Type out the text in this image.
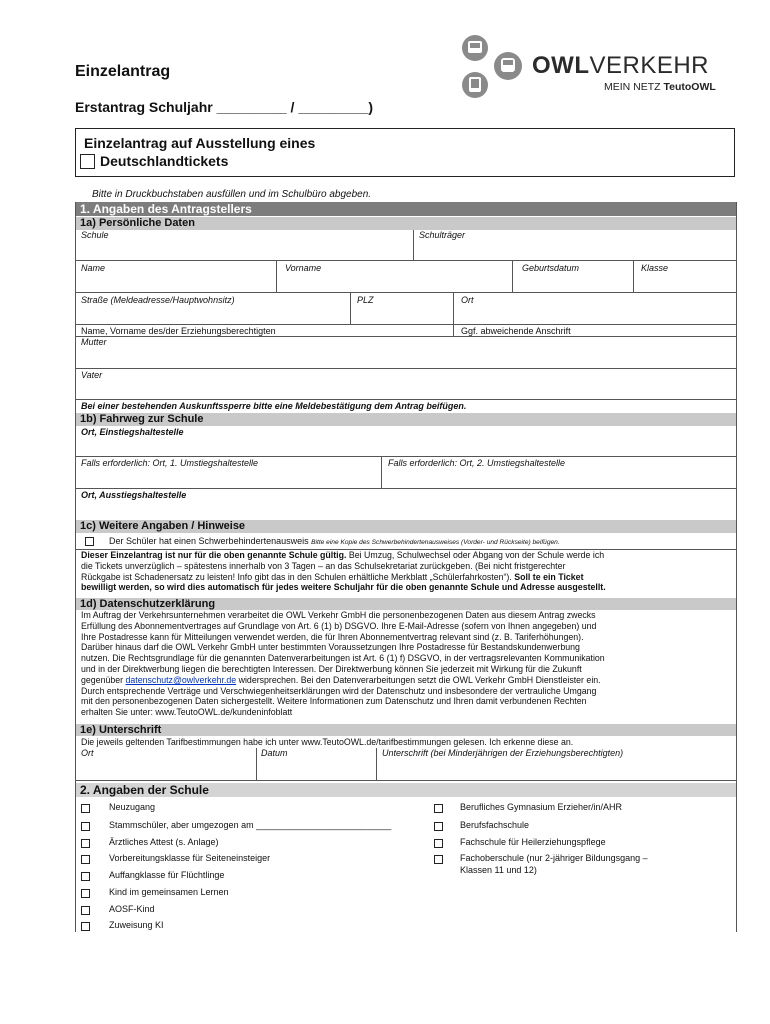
Einzelantrag
Erstantrag Schuljahr _________ / _________)
OWLVERKEHR
MEIN NETZ TeutoOWL
Einzelantrag auf Ausstellung eines
Deutschlandtickets
Bitte in Druckbuchstaben ausfüllen und im Schulbüro abgeben.
1. Angaben des Antragstellers
1a) Persönliche Daten
Schule	Schulträger
Name	Vorname	Geburtsdatum	Klasse
Straße (Meldeadresse/Hauptwohnsitz)	PLZ	Ort
Name, Vorname des/der Erziehungsberechtigten	Ggf. abweichende Anschrift
Mutter
Vater
Bei einer bestehenden Auskunftssperre bitte eine Meldebestätigung dem Antrag beifügen.
1b) Fahrweg zur Schule
Ort, Einstiegshaltestelle
Falls erforderlich: Ort, 1. Umstiegshaltestelle	Falls erforderlich: Ort, 2. Umstiegshaltestelle
Ort, Ausstiegshaltestelle
1c) Weitere Angaben / Hinweise
Der Schüler hat einen Schwerbehindertenausweis Bitte eine Kopie des Schwerbehindertenausweises (Vorder- und Rückseite) beifügen.
Dieser Einzelantrag ist nur für die oben genannte Schule gültig. Bei Umzug, Schulwechsel oder Abgang von der Schule werde ich
die Tickets unverzüglich – spätestens innerhalb von 3 Tagen – an das Schulsekretariat zurückgeben. (Bei nicht fristgerechter
Rückgabe ist Schadenersatz zu leisten! Info gibt das in den Schulen erhältliche Merkblatt „Schülerfahrkosten“). Soll te ein Ticket
bewilligt werden, so wird dies automatisch für jedes weitere Schuljahr für die oben genannte Schule und Adresse ausgestellt.
1d) Datenschutzerklärung
Im Auftrag der Verkehrsunternehmen verarbeitet die OWL Verkehr GmbH die personenbezogenen Daten aus diesem Antrag zwecks
Erfüllung des Abonnementvertrages auf Grundlage von Art. 6 (1) b) DSGVO. Ihre E-Mail-Adresse (sofern von Ihnen angegeben) und
Ihre Postadresse kann für Mitteilungen verwendet werden, die für Ihren Abonnementvertrag relevant sind (z. B. Tariferhöhungen).
Darüber hinaus darf die OWL Verkehr GmbH unter bestimmten Voraussetzungen Ihre Postadresse für Bestandskundenwerbung
nutzen. Die Rechtsgrundlage für die genannten Datenverarbeitungen ist Art. 6 (1) f) DSGVO, in der vertragsrelevanten Kommunikation
und in der Direktwerbung liegen die berechtigten Interessen. Der Direktwerbung können Sie jederzeit mit Wirkung für die Zukunft
gegenüber datenschutz@owlverkehr.de widersprechen. Bei den Datenverarbeitungen setzt die OWL Verkehr GmbH Dienstleister ein.
Durch entsprechende Verträge und Verschwiegenheitserklärungen wird der Datenschutz und insbesondere der vertrauliche Umgang
mit den personenbezogenen Daten sichergestellt. Weitere Informationen zum Datenschutz und Ihren damit verbundenen Rechten
erhalten Sie unter: www.TeutoOWL.de/kundeninfoblatt
1e) Unterschrift
Die jeweils geltenden Tarifbestimmungen habe ich unter www.TeutoOWL.de/tarifbestimmungen gelesen. Ich erkenne diese an.
Ort	Datum	Unterschrift (bei Minderjährigen der Erziehungsberechtigten)
2. Angaben der Schule
Neuzugang
Stammschüler, aber umgezogen am ___________________________
Ärztliches Attest (s. Anlage)
Vorbereitungsklasse für Seiteneinsteiger
Auffangklasse für Flüchtlinge
Kind im gemeinsamen Lernen
AOSF-Kind
Zuweisung KI
Berufliches Gymnasium Erzieher/in/AHR
Berufsfachschule
Fachschule für Heilerziehungspflege
Fachoberschule (nur 2-jähriger Bildungsgang –
Klassen 11 und 12)
